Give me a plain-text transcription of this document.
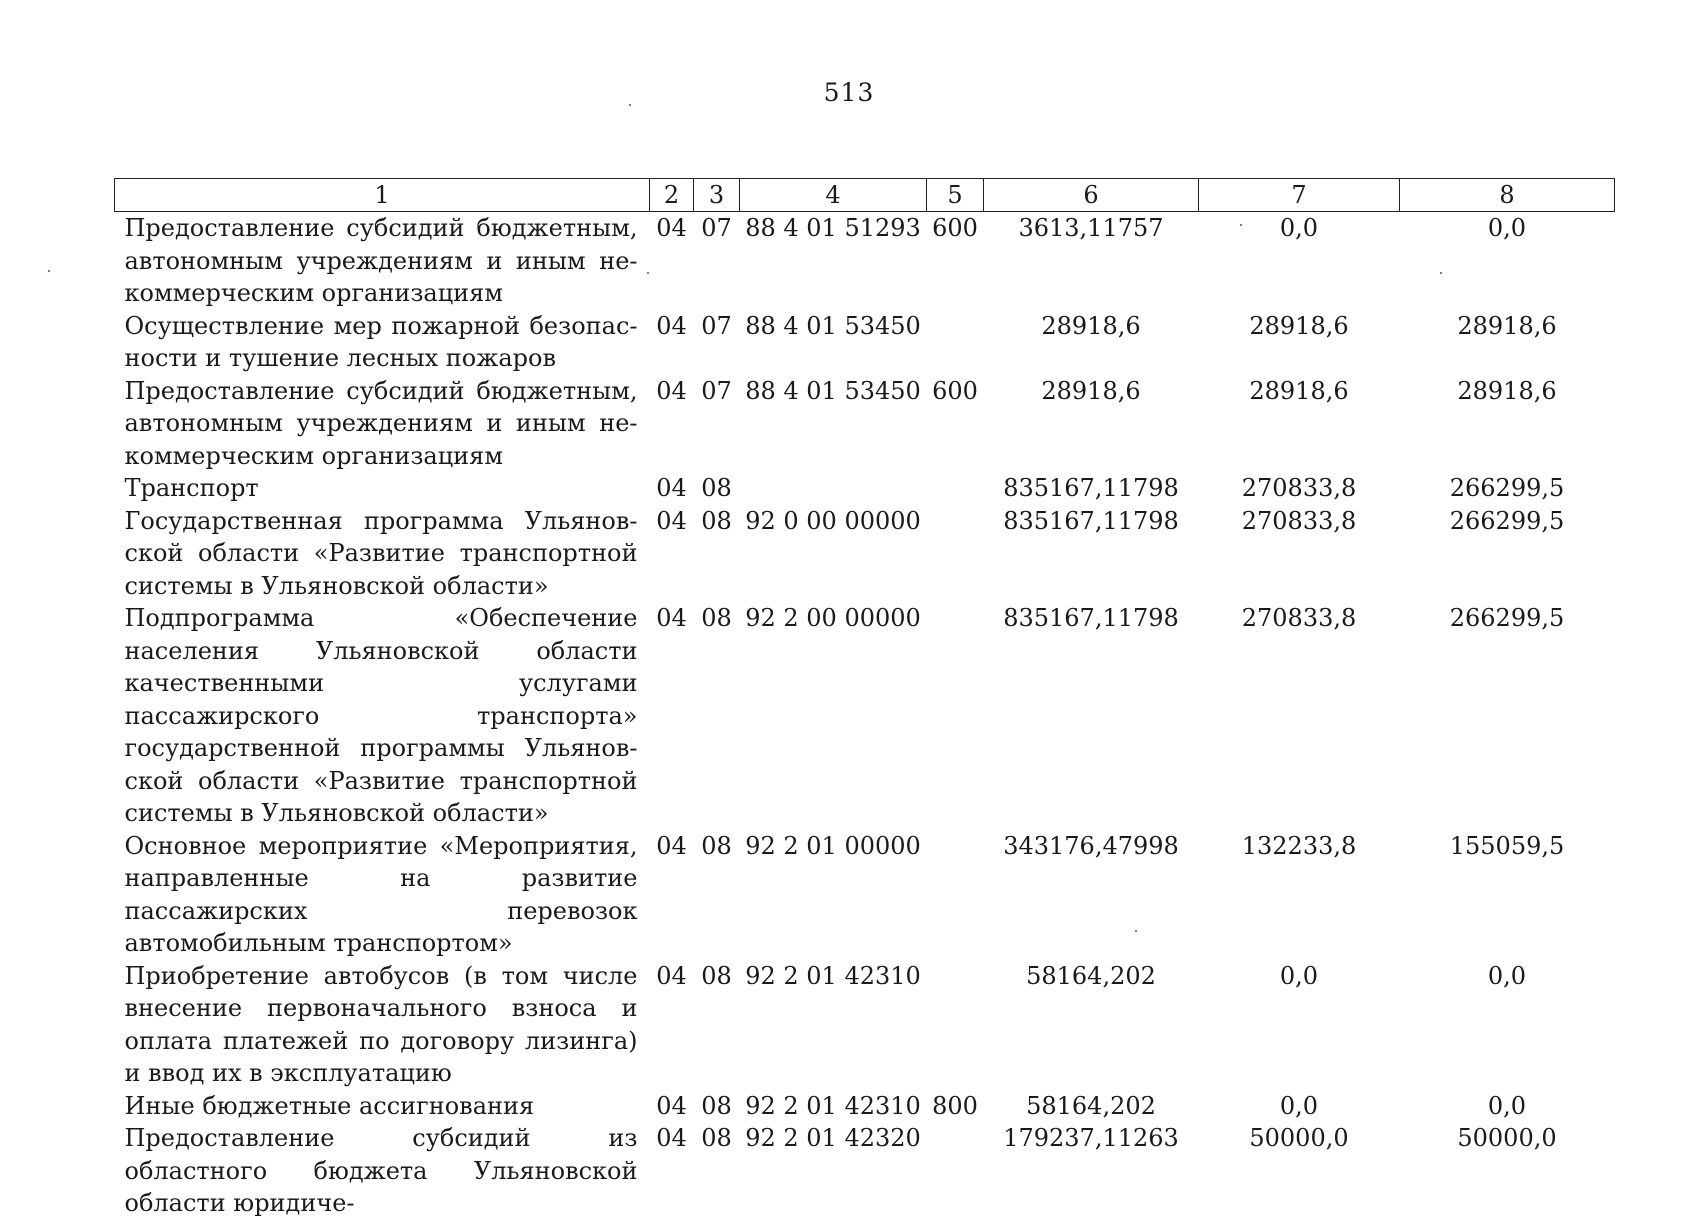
513
1	2	3	4	5	6	7	8
Предоставление субсидий бюджетным, автономным учреждениям и иным некоммерческим организациям	04	07	88 4 01 51293	600	3613,11757	0,0	0,0
Осуществление мер пожарной безопасности и тушение лесных пожаров	04	07	88 4 01 53450		28918,6	28918,6	28918,6
Предоставление субсидий бюджетным, автономным учреждениям и иным некоммерческим организациям	04	07	88 4 01 53450	600	28918,6	28918,6	28918,6
Транспорт	04	08			835167,11798	270833,8	266299,5
Государственная программа Ульяновской области «Развитие транспортной системы в Ульяновской области»	04	08	92 0 00 00000		835167,11798	270833,8	266299,5
Подпрограмма «Обеспечение населения Ульяновской области качественными услугами пассажирского транспорта» государственной программы Ульяновской области «Развитие транспортной системы в Ульяновской области»	04	08	92 2 00 00000		835167,11798	270833,8	266299,5
Основное мероприятие «Мероприятия, направленные на развитие пассажирских перевозок автомобильным транспортом»	04	08	92 2 01 00000		343176,47998	132233,8	155059,5
Приобретение автобусов (в том числе внесение первоначального взноса и оплата платежей по договору лизинга) и ввод их в эксплуатацию	04	08	92 2 01 42310		58164,202	0,0	0,0
Иные бюджетные ассигнования	04	08	92 2 01 42310	800	58164,202	0,0	0,0
Предоставление субсидий из областного бюджета Ульяновской области юридиче-	04	08	92 2 01 42320		179237,11263	50000,0	50000,0
